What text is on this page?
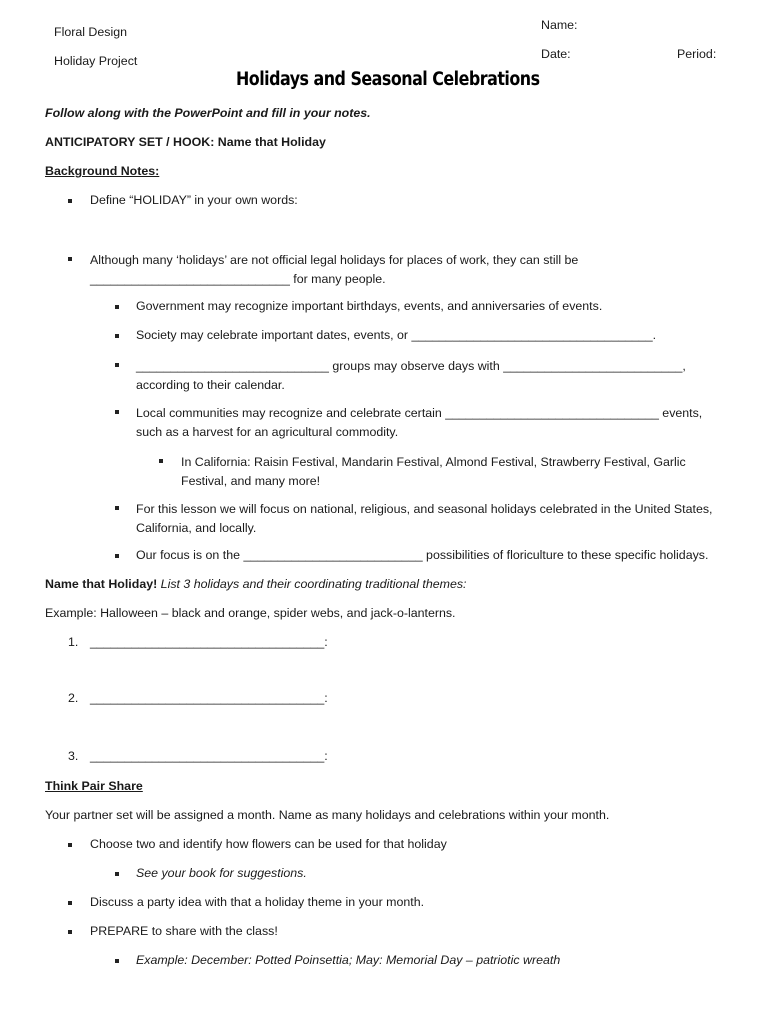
Floral Design
Holiday Project
Name:
Date:	Period:
Holidays and Seasonal Celebrations
Follow along with the PowerPoint and fill in your notes.
ANTICIPATORY SET / HOOK: Name that Holiday
Background Notes:
Define “HOLIDAY” in your own words:
Although many ‘holidays’ are not official legal holidays for places of work, they can still be
_____________________________ for many people.
Government may recognize important birthdays, events, and anniversaries of events.
Society may celebrate important dates, events, or ___________________________________.
____________________________ groups may observe days with __________________________,
according to their calendar.
Local communities may recognize and celebrate certain _______________________________ events,
such as a harvest for an agricultural commodity.
In California: Raisin Festival, Mandarin Festival, Almond Festival, Strawberry Festival, Garlic
Festival, and many more!
For this lesson we will focus on national, religious, and seasonal holidays celebrated in the United States,
California, and locally.
Our focus is on the __________________________ possibilities of floriculture to these specific holidays.
Name that Holiday! List 3 holidays and their coordinating traditional themes:
Example: Halloween – black and orange, spider webs, and jack-o-lanterns.
1. __________________________________:
2. __________________________________:
3. __________________________________:
Think Pair Share
Your partner set will be assigned a month. Name as many holidays and celebrations within your month.
Choose two and identify how flowers can be used for that holiday
See your book for suggestions.
Discuss a party idea with that a holiday theme in your month.
PREPARE to share with the class!
Example: December: Potted Poinsettia; May: Memorial Day – patriotic wreath
